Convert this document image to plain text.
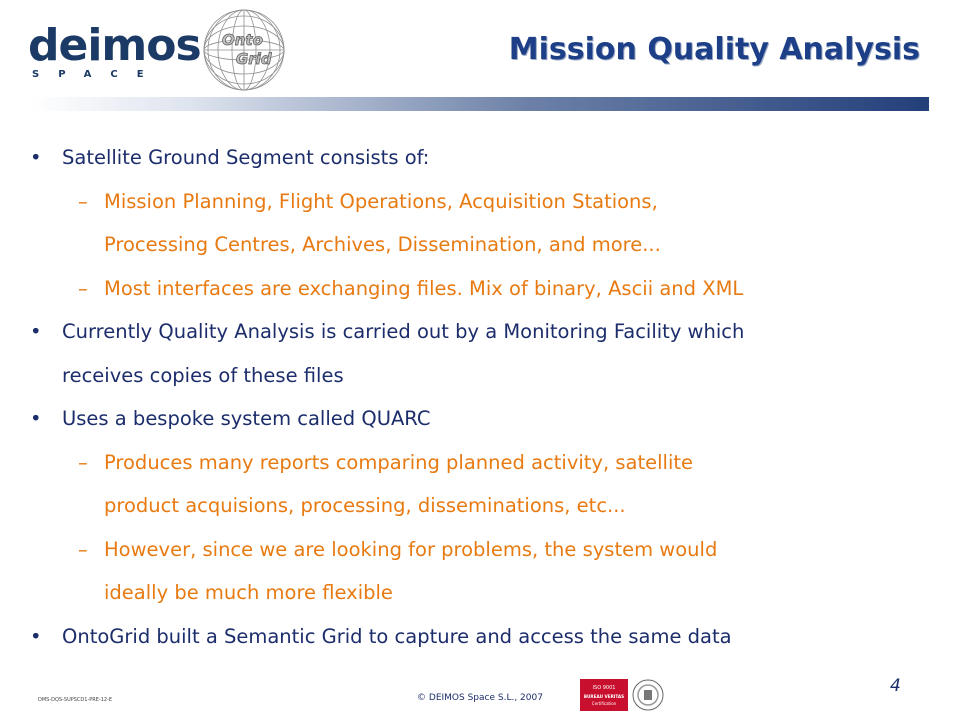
deimos
SPACE
Onto
Grid	Mission Quality Analysis
• Satellite Ground Segment consists of:
– Mission Planning, Flight Operations, Acquisition Stations,
Processing Centres, Archives, Dissemination, and more...
– Most interfaces are exchanging files. Mix of binary, Ascii and XML
• Currently Quality Analysis is carried out by a Monitoring Facility which
receives copies of these files
• Uses a bespoke system called QUARC
– Produces many reports comparing planned activity, satellite
product acquisions, processing, disseminations, etc...
– However, since we are looking for problems, the system would
ideally be much more flexible
• OntoGrid built a Semantic Grid to capture and access the same data
DMS-DQS-SUPSCD1-PRE-12-E	© DEIMOS Space S.L., 2007
ISO 9001
BUREAU VERITAS
Certification
4
